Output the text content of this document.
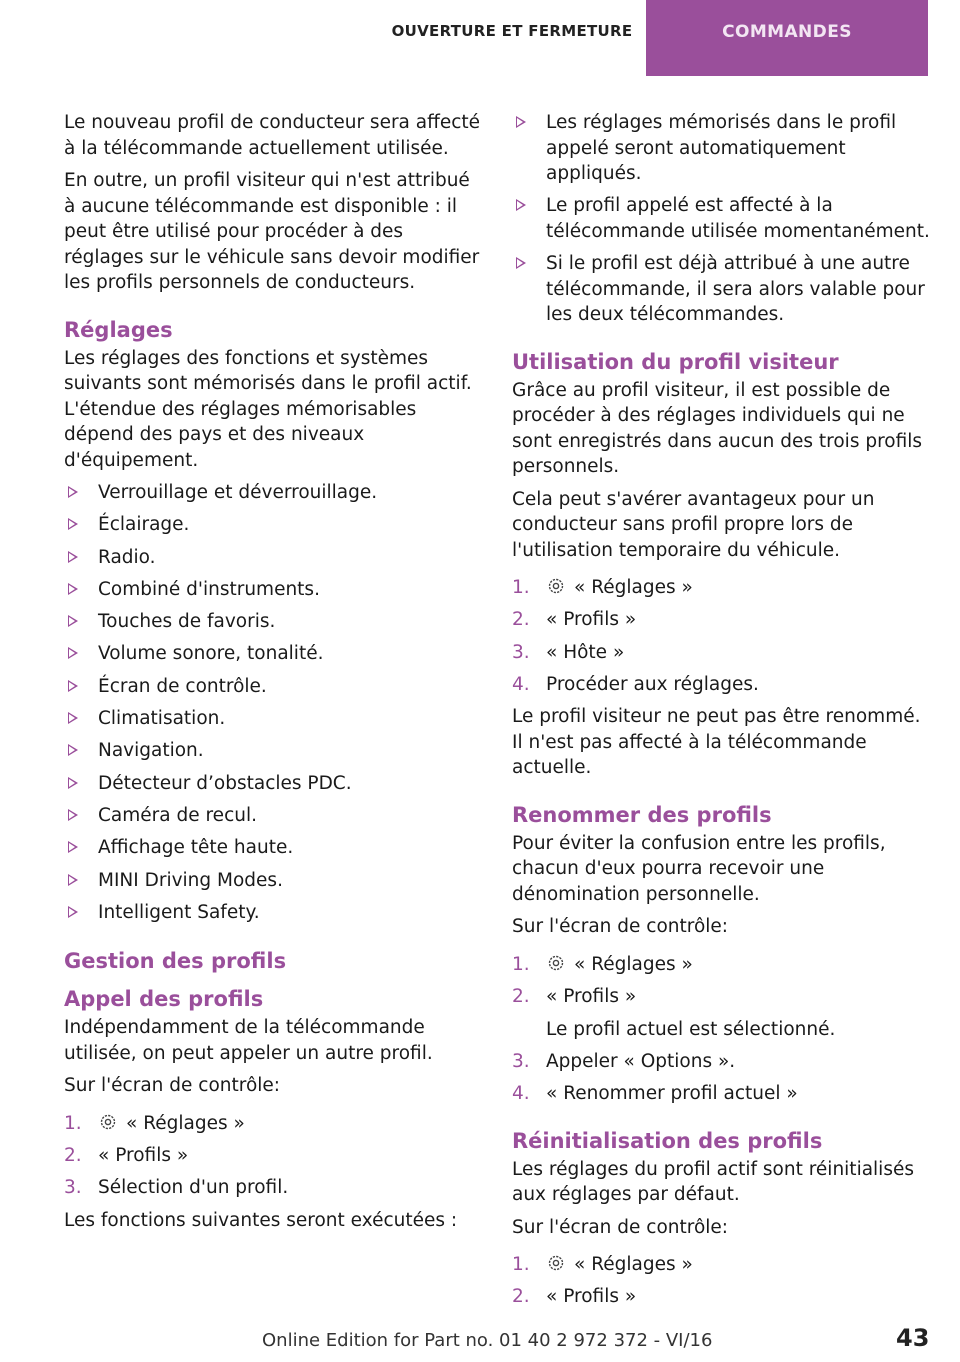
OUVERTURE ET FERMETURE	COMMANDES

Le nouveau profil de conducteur sera affecté à la télécommande actuellement utilisée.

En outre, un profil visiteur qui n'est attribué à aucune télécommande est disponible : il peut être utilisé pour procéder à des réglages sur le véhicule sans devoir modifier les profils personnels de conducteurs.

Réglages

Les réglages des fonctions et systèmes suivants sont mémorisés dans le profil actif. L'étendue des réglages mémorisables dépend des pays et des niveaux d'équipement.

Verrouillage et déverrouillage.
Éclairage.
Radio.
Combiné d'instruments.
Touches de favoris.
Volume sonore, tonalité.
Écran de contrôle.
Climatisation.
Navigation.
Détecteur d’obstacles PDC.
Caméra de recul.
Affichage tête haute.
MINI Driving Modes.
Intelligent Safety.
Gestion des profils
Appel des profils

Indépendamment de la télécommande utilisée, on peut appeler un autre profil.

Sur l'écran de contrôle:

1. « Réglages »
2. « Profils »
3. Sélection d'un profil.

Les fonctions suivantes seront exécutées :

Les réglages mémorisés dans le profil appelé seront automatiquement appliqués.
Le profil appelé est affecté à la télécommande utilisée momentanément.
Si le profil est déjà attribué à une autre télécommande, il sera alors valable pour les deux télécommandes.
Utilisation du profil visiteur

Grâce au profil visiteur, il est possible de procéder à des réglages individuels qui ne sont enregistrés dans aucun des trois profils personnels.

Cela peut s'avérer avantageux pour un conducteur sans profil propre lors de l'utilisation temporaire du véhicule.

1. « Réglages »
2. « Profils »
3. « Hôte »
4. Procéder aux réglages.

Le profil visiteur ne peut pas être renommé. Il n'est pas affecté à la télécommande actuelle.

Renommer des profils

Pour éviter la confusion entre les profils, chacun d'eux pourra recevoir une dénomination personnelle.

Sur l'écran de contrôle:

1. « Réglages »
2. « Profils »
Le profil actuel est sélectionné.
3. Appeler « Options ».
4. « Renommer profil actuel »
Réinitialisation des profils

Les réglages du profil actif sont réinitialisés aux réglages par défaut.

Sur l'écran de contrôle:

1. « Réglages »
2. « Profils »
Online Edition for Part no. 01 40 2 972 372 - VI/16	43
